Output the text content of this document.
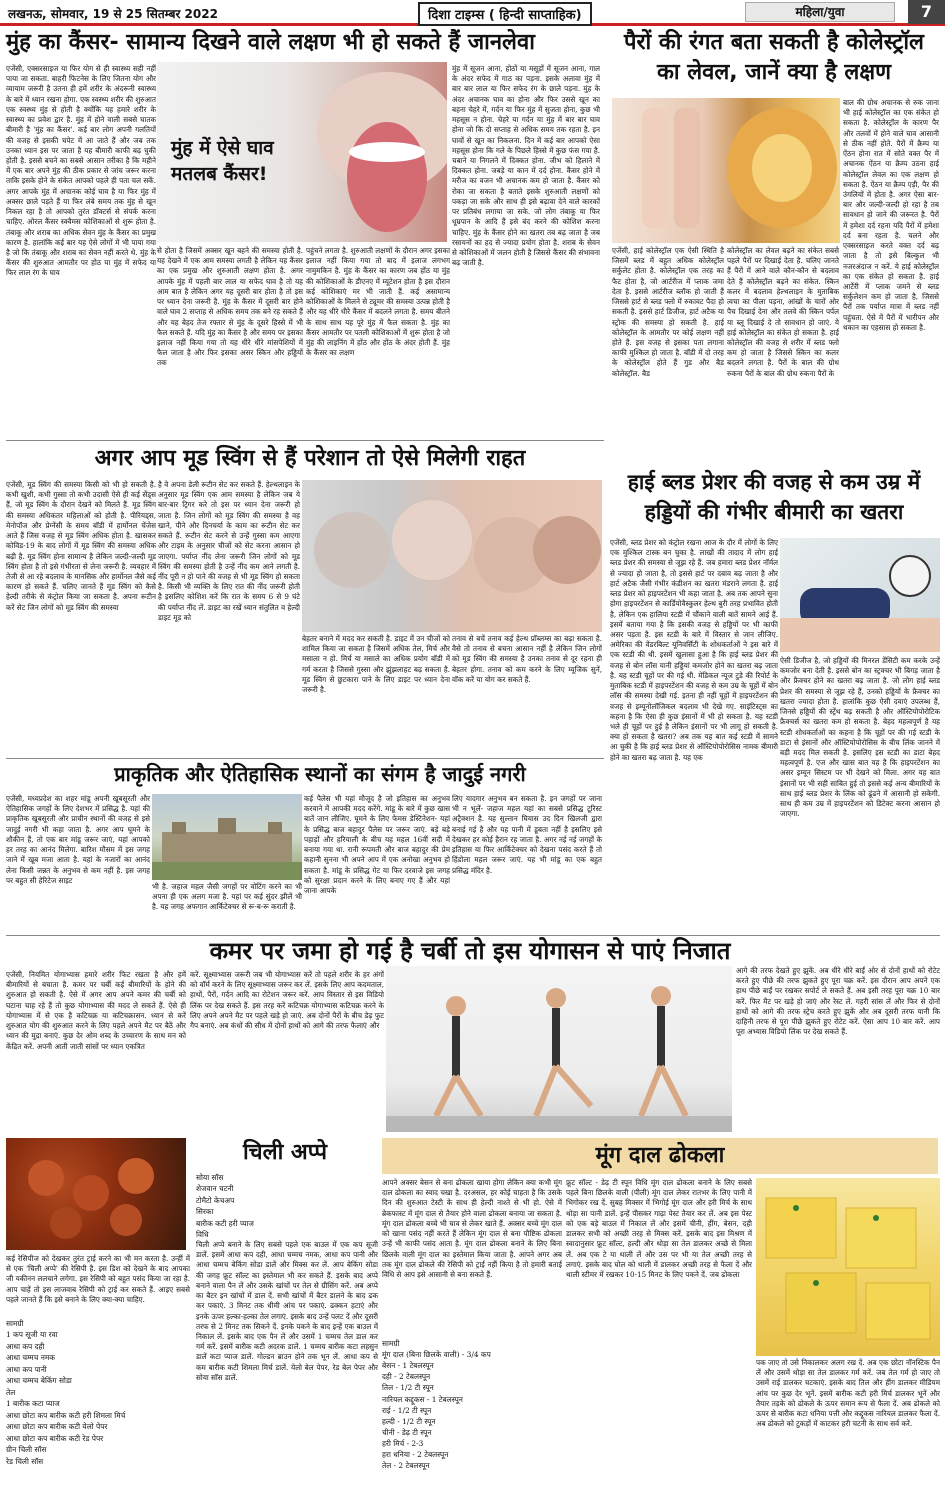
लखनऊ, सोमवार, 19 से 25 सितम्बर 2022	दिशा टाइम्स ( हिन्दी साप्ताहिक)	महिला/युवा	7
मुंह का कैंसर- सामान्य दिखने वाले लक्षण भी हो सकते हैं जानलेवा
एजेंसी, एक्सरसाइज या फिर योग से ही स्वास्थ्य सही नहीं पाया जा सकता. बाहरी फिटनेस के लिए जितना योग और व्यायाम जरूरी है उतना ही हमें शरीर के अंदरूनी स्वास्थ्य के बारे में ध्यान रखना होगा. एक स्वस्थ्य शरीर की शुरुआत एक स्वस्थ्य मुंह से होती है क्योंकि यह हमारे शरीर के स्वास्थ्य का प्रवेश द्वार है. मुंह में होने वाली सबसे घातक बीमारी है 'मुंह का कैंसर'. कई बार लोग अपनी गलतियों की वजह से इसकी चपेट में आ जाते हैं और जब तक उनका ध्यान इस पर जाता है यह बीमारी काफी बढ़ चुकी होती है. इससे बचने का सबसे आसान तरीका है कि महीने में एक बार अपने मुंह की ठीक प्रकार से जांच जरूर करना ताकि इसके होने के संकेत आपको पहले ही पता चल सकें. अगर आपके मुंह में अचानक कोई घाव है या फिर मुंह में अक्सर छाले पड़ते हैं या फिर लंबे समय तक मुंह से खून निकल रहा है तो आपको तुरंत डॉक्टर्स से संपर्क करना चाहिए. ओरल कैंसर स्क्वैमस कोशिकाओं से शुरू होता है. तंबाकू और शराब का अधिक सेवन मुंह के कैंसर का प्रमुख कारण है. हालांकि कई बार यह ऐसे लोगों में भी पाया गया है जो कि तंबाकू और शराब का सेवन नहीं करते थे. मुंह के कैंसर की शुरुआत आमतौर पर होठ या मुंह में सफेद या फिर लाल रंग के घाव
मुंह में ऐसे घाव
मतलब कैंसर!
से होता है जिसमें अक्सर खून बहने की समस्या होती है. यह देखने में एक आम समस्या लगती है लेकिन यह कैंसर का एक प्रमुख और शुरुआती लक्षण होता है. अगर आपके मुंह में पहली बार लाल या सफेद घाव है तो यह आम बात है लेकिन अगर यह दूसरी बार होता है तो इस पर ध्यान देना जरूरी है. मुंह के कैंसर में दूसरी बार होने वाले घाव 2 सप्ताह से अधिक समय तक बने रह सकते हैं और यह बेहद तेज रफ्तार से मुंह के दूसरे हिस्से में भी फैल सकते हैं. यदि मुंह का कैंसर है और समय पर इसका इलाज नहीं किया गया तो यह धीरे धीरे मांसपेशियों में फैल जाता है और फिर इसका असर स्किन और हड्डियों तक
पहुंचने लगता है. शुरुआती लक्षणों के दौरान अगर इसका इलाज नहीं किया गया तो बाद में इलाज लगभग नामुमकिन है. मुंह के कैंसर का कारण जब होंठ या मुंह की कोशिकाओं के डीएनए में म्यूटेशन होता है इस दौरान कई कोशिकाएं मर भी जाती हैं. कई असामान्य कोशिकाओं के मिलने से ट्यूमर की समस्या उत्पन्न होती है और यह धीरे धीरे कैंसर में बदलने लगता है. समय बीतने के साथ साथ यह पूरे मुंह में फैल सकता है. मुंह का कैंसर आमतौर पर पतली कोशिकाओं में शुरू होता है जो मुंह की लाइनिंग में होंठ और होंठ के अंदर होती हैं. मुंह के कैंसर का लक्षण
मुंह में सूजन आना, होठों या मसूड़ों में सूजन आना, गाल के अंदर सफेद में गाठ का पड़ना. इसके अलावा मुंह में बार बार लाल या फिर सफेद रंग के छाले पड़ना. मुंह के अंदर अचानक घाव का होना और फिर उससे खून का बहना चेहरे में, गर्दन या फिर मुंह में सुजता होना, कुछ भी महसूस न होना. चेहरे या गर्दन या मुंह में बार बार घाव होना जो कि दो सप्ताह से अधिक समय तक रहता है. इन घावों से खून का निकलना. दिन में कई बार आपको ऐसा महसूस होना कि गले के पिछले हिस्से में कुछ फंस गया है. चबाने या निगलने में दिक्कत होना. जीभ को हिलाने में दिक्कत होना. जबड़े या कान में दर्द होना. कैंसर होने में मरीज का वजन भी अचानक कम हो जाता है. कैंसर को रोका जा सकता है बताते इसके शुरुआती लक्षणों को पकड़ा जा सके और साथ ही इसे बढ़ावा देने वाले कारकों पर प्रतिबंध लगाया जा सके. जो लोग तंबाकू या फिर धूम्रपान के आदि हैं इसे बंद करने की कोशिश करना चाहिए. मुंह के कैंसर होने का खतरा तब बढ़ जाता है जब रसायनों का हद से ज्यादा प्रयोग होता है. शराब के सेवन से कोशिकाओं में जलन होती है जिससे कैंसर की संभावना बढ़ जाती है.
पैरों की रंगत बता सकती है कोलेस्ट्रॉल
का लेवल, जानें क्या है लक्षण
बाल की ग्रोथ अचानक से रुक जाना भी हाई कोलेस्ट्रॉल का एक संकेत हो सकता है. कोलेस्ट्रॉल के कारण पैर और तलवों में होने वाले घाव आसानी से ठीक नहीं होते. पैरों में क्रैम्प या ऐंठन होना रात में सोते वक्त पैर में अचानक ऐंठन या क्रैम्प उठना हाई कोलेस्ट्रॉल लेवल का एक लक्षण हो सकता है. ऐंठन या क्रैम्प एड़ी, पैर की उंगलियों में होता है. अगर ऐसा बार-बार और जल्दी-जल्दी हो रहा है तब सावधान हो जाने की जरूरत है. पैरों में हमेशा दर्द रहना यदि पैरों में हमेशा दर्द बना रहता है. चलने और एक्सरसाइज करते वक्त दर्द बढ़ जाता है तो इसे बिल्कुल भी नजरअंदाज न करें. ये हाई कोलेस्ट्रॉल का एक संकेत हो सकता है. हाई आर्टेरी में प्लाक जमने से ब्लड सर्कुलेशन कम हो जाता है, जिससे पैरों तक पर्याप्त मात्रा में ब्लड नहीं पहुंचता. ऐसे में पैरों में भारीपन और थकान का एहसास हो सकता है.
एजेंसी, हाई कोलेस्ट्रॉल एक ऐसी स्थिति है जिसमें ब्लड में बहुत अधिक कोलेस्ट्रॉल सर्कुलेट होता है. कोलेस्ट्रॉल एक तरह का फैट होता है, जो आर्टरीज में प्लाक जमा देता है. इससे आर्टरीज ब्लॉक हो जाती हैं जिससे हार्ट से ब्लड फ्लो में रुकावट पैदा हो सकती है. इससे हार्ट डिजीज, हार्ट अटैक या स्ट्रोक की समस्या हो सकती है. हाई कोलेस्ट्रॉल के आमतौर पर कोई लक्षण नहीं होते हैं. इस वजह से इसका पता लगाना काफी मुश्किल हो जाता है. बॉडी में दो तरह के कोलेस्ट्रॉल होते हैं गुड और बैड कोलेस्ट्रॉल. बैड
कोलेस्ट्रॉल का लेवल बढ़ने का संकेत सबसे पहले पैरों पर दिखाई देता है. चलिए जानते हैं पैरों में आने वाले कौन-कौन से बदलाव देते हैं कोलेस्ट्रॉल बढ़ने का संकेत. स्किन कलर में बदलाव हेल्थलाइन के मुताबिक त्वचा का पीला पड़ना, आंखों के चारों ओर पैच दिखाई देना और तलवे की स्किन पर्पल या ब्लू दिखाई दे तो सावधान हो जाएं. ये हाई कोलेस्ट्रॉल का संकेत हो सकता है. हाई कोलेस्ट्रॉल की वजह से शरीर में ब्लड फ्लो कम हो जाता है जिससे स्किन का कलर बदलने लगता है. पैरों के बाल की ग्रोथ रुकना पैरों के बाल की ग्रोथ रुकना पैरों के
अगर आप मूड स्विंग से हैं परेशान तो ऐसे मिलेगी राहत
एजेंसी, मूड स्विंग की समस्या किसी को भी हो सकती है. कभी खुशी, कभी गुस्सा तो कभी उदासी ऐसे ही कई सेंड्स हैं, जो मूड स्विंग के दौरान देखने को मिलते हैं. मूड स्विंग की समस्या अधिकतर महिलाओं को होती है. पीरियड्स, मेनोपॉज और प्रेग्नेंसी के समय बॉडी में हार्मोनल चेंजेस आते हैं जिस वजह से मूड स्विंग अधिक होता है. खासकर कोविड-19 के बाद लोगों में मूड स्विंग की समस्या अधिक बढ़ी है. मूड स्विंग होना सामान्य है लेकिन जल्दी-जल्दी मूड स्विंग होता है तो इसे गंभीरता से लेना जरूरी है. व्यवहार में तेजी से आ रहे बदलाव के मानसिक और हार्मोनल जैसे कई कारण हो सकते हैं. चलिए जानते हैं मूड स्विंग को कैसे हेल्दी तरीके से कंट्रोल किया जा सकता है. अपना रूटीन करें सेट जिन लोगों को मूड स्विंग की समस्या
है वे अपना डेली रूटीन सेट कर सकते हैं. हेल्थलाइन के अनुसार मूड स्विंग एक आम समस्या है लेकिन जब ये बार-बार ट्रिगर करे तो इस पर ध्यान देना जरूरी हो जाता है. जिन लोगों को मूड स्विंग की समस्या है वह खाने, पीने और दिनचर्या के काम का रूटीन सेट कर सकते हैं. रूटीन सेट करने से उन्हें गुस्सा कम आएगा और टाइम के अनुसार चीजों को सेट करना आसान हो जाएगा. पर्याप्त नींद लेना जरूरी जिन लोगों को मूड स्विंग की समस्या होती है उन्हें नींद कम आने लगती है. नींद पूरी न हो पाने की वजह से भी मूड स्विंग हो सकता है. किसी भी व्यक्ति के लिए रात की नींद जरूरी होती है इसलिए कोशिश करें कि रात के समय 6 से 9 घंटे की पर्याप्त नींद लें. डाइट का रखें ध्यान संतुलित व हेल्दी डाइट मूड को
बेहतर बनाने में मदद कर सकती है. डाइट में उन चीजों को शामिल किया जा सकता है जिसमें अधिक तेल, मिर्च और मसाला न हो. मिर्च या मसाले का अधिक प्रयोग बॉडी में गर्म करता है जिससे गुस्सा और झुंझलाहट बढ़ सकता है. मूड स्विंग से छुटकारा पाने के लिए डाइट पर ध्यान देना जरूरी है.
तनाव से बचें तनाव कई हेल्थ प्रॉब्लम्स का बढ़ा सकता है. वैसे तो तनाव से बचना आसान नहीं है लेकिन जिन लोगों को मूड स्विंग की समस्या है उनका तनाव से दूर रहना ही बेहतर होगा. तनाव को कम करने के लिए म्यूजिक सुनें, वॉक करें या योग कर सकते हैं.
हाई ब्लड प्रेशर की वजह से कम उम्र में
हड्डियों की गंभीर बीमारी का खतरा
एजेंसी, ब्लड प्रेशर को कंट्रोल रखना आज के दौर में लोगों के लिए एक मुश्किल टास्क बन चुका है. लाखों की तादाद में लोग हाई ब्लड प्रेशर की समस्या से जूझ रहे हैं. जब हमारा ब्लड प्रेशर नॉर्मल से ज्यादा हो जाता है, तो इससे हार्ट पर दबाव बढ़ जाता है और हार्ट अटैक जैसी गंभीर कंडीशन का खतरा मंडराने लगता है. हाई ब्लड प्रेशर को हाइपरटेंशन भी कहा जाता है. अब तक आपने सुना होगा हाइपरटेंशन से कार्डियोवैस्कुलर हेल्थ बुरी तरह प्रभावित होती है, लेकिन एक हालिया स्टडी में चौंकाने वाली बातें सामने आई हैं. इसमें बताया गया है कि इसकी वजह से हड्डियों पर भी काफी असर पड़ता है. इस स्टडी के बारे में विस्तार से जान लीजिए. अमेरिका की वेंडरबिल्ट यूनिवर्सिटी के शोधकर्ताओं ने इस बारे में एक स्टडी की थी. इसमें खुलासा हुआ है कि हाई ब्लड प्रेशर की वजह से बोन लॉस यानी हड्डियां कमजोर होने का खतरा बढ़ जाता है. यह स्टडी चूहों पर की गई थी. मेडिकल न्यूज टुडे की रिपोर्ट के मुताबिक स्टडी में हाइपरटेंशन की वजह से कम उम्र के चूहों में बोन लॉस की समस्या देखी गई. इतना ही नहीं चूहों में हाइपरटेंशन की वजह से इम्यूनोलॉजिकल बदलाव भी देखे गए. साइंटिस्ट्स का कहना है कि ऐसा ही कुछ इंसानों में भी हो सकता है. यह स्टडी भले ही चूहों पर हुई है लेकिन इंसानों पर भी लागू हो सकती है. क्या हो सकता है खतरा? अब तक यह बात कई स्टडी में सामने आ चुकी है कि हाई ब्लड प्रेशर से ऑस्टियोपोरोसिस नामक बीमारी होने का खतरा बढ़ जाता है. यह एक
ऐसी डिजीज है, जो हड्डियों की मिनरल डेंसिटी कम करके उन्हें कमजोर बना देती है. इससे बोन का स्ट्रक्चर भी बिगड़ जाता है और फ्रैक्चर होने का खतरा बढ़ जाता है. जो लोग हाई ब्लड प्रेशर की समस्या से जूझ रहे हैं, उनको हड्डियों के फ्रैक्चर का खतरा ज्यादा होता है. हालांकि कुछ ऐसी दवाएं उपलब्ध हैं, जिनसे हड्डियों की स्ट्रेंथ बढ़ सकती है और ऑस्टियोपोरोटिक फ्रैक्चर्स का खतरा कम हो सकता है. बेहद महत्वपूर्ण है यह स्टडी शोधकर्ताओं का कहना है कि चूहों पर की गई स्टडी के डाटा से इंसानों और ऑस्टियोपोरोसिस के बीच लिंक जानने में बड़ी मदद मिल सकती है. इसलिए इस स्टडी का डाटा बेहद महत्वपूर्ण है. एज और खास बात यह है कि हाइपरटेंशन का असर इम्यून सिस्टम पर भी देखने को मिला. अगर यह बात इंसानों पर भी सही साबित हुई तो इससे कई अन्य बीमारियों के साथ हाई ब्लड प्रेशर के लिंक को ढूंढने में आसानी हो सकेगी. साथ ही कम उम्र में हाइपरटेंशन को डिटेक्ट करना आसान हो जाएगा.
प्राकृतिक और ऐतिहासिक स्थानों का संगम है जादुई नगरी
एजेंसी, मध्यप्रदेश का शहर मांडू अपनी खूबसूरती और ऐतिहासिक जगहों के लिए देशभर में प्रसिद्ध है. यहां की प्राकृतिक खूबसूरती और प्राचीन स्थानों की वजह से इसे जादुई नगरी भी कहा जाता है. अगर आप घूमने के शौकीन हैं, तो एक बार मांडू जरूर जाएं, यहां आपको हर तरह का आनंद मिलेगा. बारिश मौसम में इस जगह जाने में खूब मजा आता है. यहां के नजारों का आनंद लेना किसी जन्नत के अनुभव से कम नहीं है. इस जगह पर बहुत सी हेरिटेज साइट
भी है. जहाज महल जैसी जगहों पर वोटिंग करने का भी अपना ही एक अलग मजा है. यहां पर कई सुंदर झीलें भी है. यह जगह अफगान आर्किटेक्चर से रू-ब-रू कराती है.
कई पैलेस भी यहां मौजूद है जो इतिहास का अनुभव करवाने में आपकी मदद करेंगे. मांडू के बारे में कुछ खास बातें जान लीजिए. घूमने के लिए फेमस डेस्टिनेशन- यहां के प्रसिद्ध बाज बहादुर पैलेस पर जरूर जाएं. बड़े बड़े पहाड़ों और हरियाली के बीच यह महल 16वीं सदी में बनाया गया था. रानी रूपमती और बाज बहादुर की प्रेम कहानी सुनना भी अपने आप में एक अनोखा अनुभव हो सकता है. मांडू के प्रसिद्ध गेट या फिर दरवाजे इस जगह को सुरक्षा प्रदान करने के लिए बनाए गए हैं और यहां जाना आपके
लिए यादगार अनुभव बन सकता है. इन जगहों पर जाना भी न भूलें- जहाज महल यहां का सबसे प्रसिद्ध टूरिस्ट अट्रैक्शन है. यह सुल्तान घियास उद दिन खिलजी द्वारा बनाई गई है और यह पानी में डूबता नहीं है इसलिए इसे देखकर हर कोई हैरान रह जाता है. अगर नई नई जगहों के इतिहास या फिर आर्किटेक्चर को देखना पसंद करते हैं तो हिंडोला महल जरूर जाएं. यह भी मांडू का एक बहुत प्रसिद्ध मंदिर है.
कमर पर जमा हो गई है चर्बी तो इस योगासन से पाएं निजात
एजेंसी, नियमित योगाभ्यास हमारे शरीर फिट रखता है और हमें बीमारियों से बचाता है. कमर पर चर्बी कई बीमारियों के होने की शुरुआत हो सकती है. ऐसे में अगर आप अपने कमर की चर्बी को घटाना चाह रहे हैं तो कुछ योगाभ्यास की मदद ले सकते हैं. ऐसे ही योगाभ्यास में से एक है कटिचक्र या कटिचक्रासन. ध्यान से करें शुरुआत योग की शुरुआत करने के लिए पहले अपने मैट पर बैठें और ध्यान की मुद्रा बनाएं. कुछ देर ओम शब्द के उच्चारण के साथ मन को केंद्रित करें. अपनी आती जाती सांसों पर ध्यान एकत्रित
करें. सूक्ष्माभ्यास जरूरी जब भी योगाभ्यास करें तो पहले शरीर के हर अंगों को वॉर्म करने के लिए सूक्ष्माभ्यास जरूर कर लें. इसके लिए आप कदमताल, हाथों, पैरों, गर्दन आदि का रोटेशन जरूर करें. आप विस्तार से इस विडियो लिंक पर देख सकते हैं. इस तरह करें कटिचक्र योगाभ्यास कटिचक्र करने के लिए अपने अपने मैट पर पहले खड़े हो जाएं. अब दोनों पैरों के बीच डेढ़ फुट गैप बनाएं. अब कंधों की सीध में दोनों हाथों को आगे की तरफ फैलाएं और
आगे की तरफ देखते हुए झुकें. अब धीरे धीरे बाईं ओर से दोनों हाथों को रोटेट करते हुए पीछे की तरफ झुकते हुए पूरा चक्र करें. इस दौरान आप अपने एक हाथ पीछे बाईं पर रखकर सपोर्ट ले सकते हैं. अब इसी तरह पूरा चक्र 10 बार करें. फिर मैट पर खड़े हो जाएं और रेस्ट लें. गहरी सांस लें और फिर से दोनों हाथों को आगे की तरफ स्ट्रेच करते हुए झुकें और अब दूसरी तरफ यानी कि दाहिनी तरफ से पूरा पीछे झुकते हुए रोटेट करें. ऐसा आप 10 बार करें. आप पूरा अभ्यास विडियो लिंक पर देख सकते हैं.
चिली अप्पे
कई रेसिपीज को देखकर तुरंत ट्राई करने का भी मन करता है. उन्हीं में से एक 'चिली अप्पे' की रेसिपी है. इस डिश को देखने के बाद आपका जी यकीनन ललचाने लगेगा. इस रेसिपी को बहुत पसंद किया जा रहा है. आप चाहें तो इस लाजवाब रेसिपी को ट्राई कर सकते हैं. आइए सबसे पहले जानते हैं कि इसे बनाने के लिए क्या-क्या चाहिए.
सामग्री
1 कप सूजी या रवा
आधा कप दही
आधा चम्मच नमक
आधा कप पानी
आधा चम्मच बेकिंग सोडा
तेल
1 बारीक कटा प्याज
आधा छोटा कप बारीक कटी हरी शिमला मिर्च
आधा छोटा कप बारीक कटी येलो पेपर
आधा छोटा कप बारीक कटी रेड पेपर
ग्रीन चिली सॉस
रेड चिली सॉस
सोया सॉस
शेजवान चटनी
टोमैटो केचअप
सिरका
बारीक कटी हरी प्याज
विधि
चिली अप्पे बनाने के लिए सबसे पहले एक बाउल में एक कप सूजी डालें. इसमें आधा कप दही, आधा चम्मच नमक, आधा कप पानी और आधा चम्मच बेकिंग सोडा डालें और मिक्स कर लें. आप बेकिंग सोडा की जगह फ्रूट सॉल्ट का इस्तेमाल भी कर सकते हैं. इसके बाद अप्पे बनाने वाला पैन लें और उसके खांचों पर तेल से ग्रीसिंग करें. अब अप्पे का बैटर इन खांचों में डाल दें. सभी खांचों में बैटर डालने के बाद ढक कर पकाएं. 3 मिनट तक धीमी आंच पर पकाएं. ढक्कन हटाएं और इनके ऊपर हल्का-हल्का तेल लगाएं. इसके बाद उन्हें पलट दें और दूसरी तरफ से 2 मिनट तक सिकने दें. इनके पकने के बाद इन्हें एक बाउल में निकाल लें. इसके बाद एक पैन लें और उसमें 1 चम्मच तेल डाल कर गर्म करें. इसमें बारीक कटी अदरक डालें. 1 चम्मच बारीक कटा लहसुन डालें कटा प्याज डालें. गोल्डन ब्राउन होने तक भून लें. आधा कप से कम बारीक कटी शिमला मिर्च डालें. येलो बेल पेपर, रेड बेल पेपर और सोया सॉस डालें.
मूंग दाल ढोकला
आपने अक्सर बेसन से बना ढोकला खाया होगा लेकिन क्या कभी मूंग दाल ढोकला का स्वाद चखा है. दरअसल, हर कोई चाहता है कि उसके दिन की शुरुआत टेस्टी के साथ ही हेल्दी नाश्ते से भी हो. ऐसे में ब्रेकफास्ट में मूंग दाल से तैयार होने वाला ढोकला बनाया जा सकता है. मूंग दाल ढोकला बच्चे भी चाव से लेकर खाते हैं. अक्सर बच्चे मूंग दाल को खाना पसंद नहीं करते हैं लेकिन मूंग दाल से बना पौष्टिक ढोकला उन्हें भी काफी पसंद आता है. मूंग दाल ढोकला बनाने के लिए बिना छिलके वाली मूंग दाल का इस्तेमाल किया जाता है. आपने अगर अब तक मूंग दाल ढोकले की रेसिपी को ट्राई नहीं किया है तो हमारी बताई विधि से आप इसे आसानी से बना सकते हैं.
सामग्री
मूंग दाल (बिना छिलके वाली) - 3/4 कप
बेसन - 1 टेबलस्पून
दही - 2 टेबलस्पून
तिल - 1/2 टी स्पून
नारियल कद्दूकस - 1 टेबलस्पून
राई - 1/2 टी स्पून
हल्दी - 1/2 टी स्पून
चीनी - डेढ़ टी स्पून
हरी मिर्च - 2-3
हरा धनिया - 2 टेबलस्पून
तेल - 2 टेबलस्पून
फ्रूट सॉल्ट - डेढ़ टी स्पून विधि मूंग दाल ढोकला बनाने के लिए सबसे पहले बिना छिलके वाली (पीली) मूंग दाल लेकर रातभर के लिए पानी में भिगोकर रख दें. सुबह मिक्सर में भिगोई मूंग दाल और हरी मिर्च के साथ थोड़ा सा पानी डालें. इन्हें पीसकर गाढ़ा पेस्ट तैयार कर लें. अब इस पेस्ट को एक बड़े बाउल में निकाल लें और इसमें चीनी, हींग, बेसन, दही डालकर सभी को अच्छी तरह से मिक्स करें. इसके बाद इस मिश्रण में स्वादानुसार फ्रूट सॉल्ट, हल्दी और थोड़ा सा तेल डालकर अच्छे से मिला लें. अब एक टे या थाली लें और उस पर भी या तेल अच्छी तरह से लगाएं. इसके बाद घोल को थाली में डालकर अच्छी तरह से फैला दें और थाली स्टीमर में रखकर 10-15 मिनट के लिए पकने दें. जब ढोकला
पक जाए तो उसे निकालकर अलग रख दें. अब एक छोटा नॉनस्टिक पैन लें और उसमें थोड़ा सा तेल डालकर गर्म करें. जब तेल गर्म हो जाए तो उसमें राई डालकर चटकाएं. इसके बाद तिल और हींग डालकर मीडियम आंच पर कुछ देर भूनें. इसमें बारीक कटी हरी मिर्च डालकर भूनें और तैयार तड़के को ढोकले के ऊपर समान रूप से फैला दें. अब ढोकले को ऊपर से बारीक कटा धनिया पत्ती और कद्दूकस नारियल डालकर फैला दें. अब ढोकले को टुकड़ों में काटकर हरी चटनी के साथ सर्व करें.
